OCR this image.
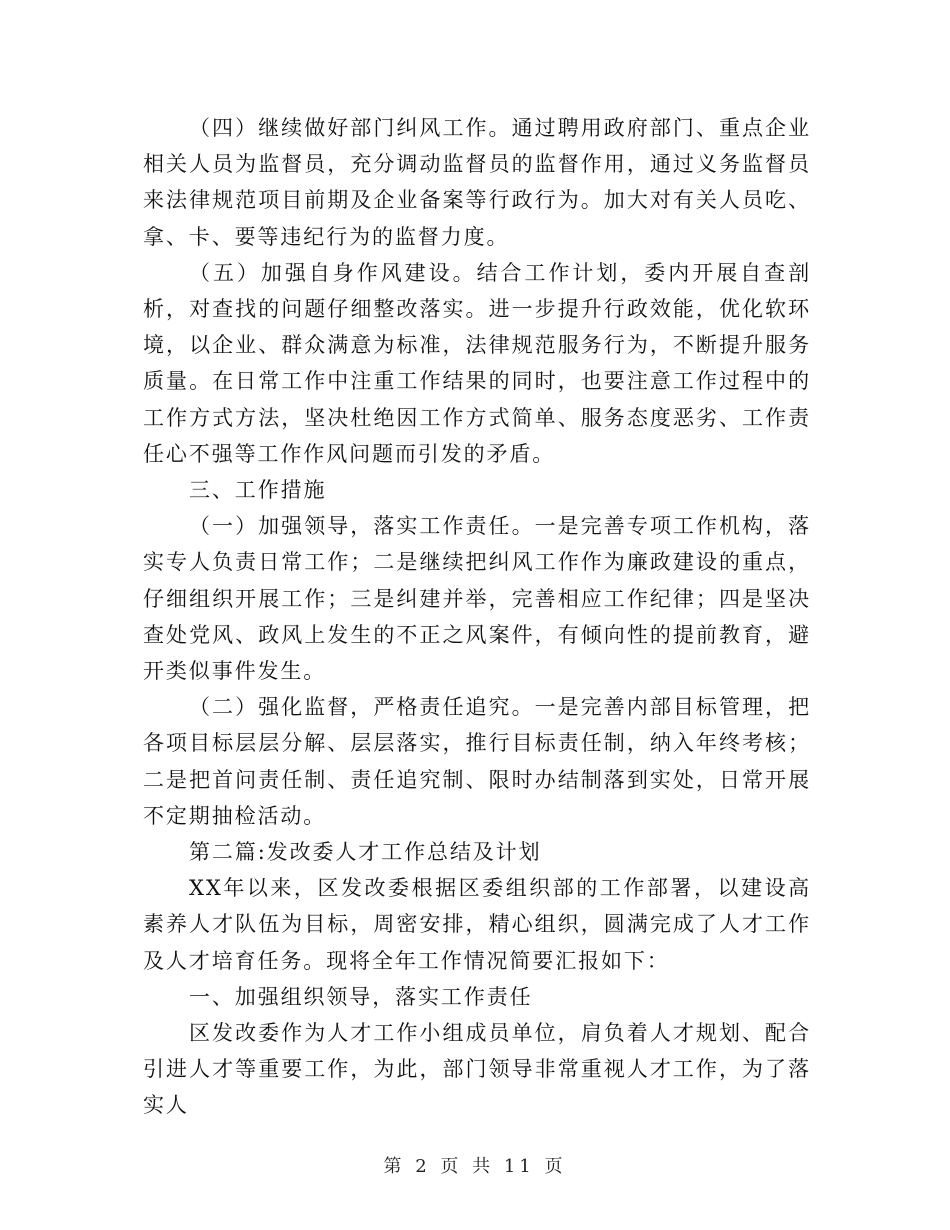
（四）继续做好部门纠风工作。通过聘用政府部门、重点企业相关人员为监督员，充分调动监督员的监督作用，通过义务监督员来法律规范项目前期及企业备案等行政行为。加大对有关人员吃、拿、卡、要等违纪行为的监督力度。

（五）加强自身作风建设。结合工作计划，委内开展自查剖析，对查找的问题仔细整改落实。进一步提升行政效能，优化软环境，以企业、群众满意为标准，法律规范服务行为，不断提升服务质量。在日常工作中注重工作结果的同时，也要注意工作过程中的工作方式方法，坚决杜绝因工作方式简单、服务态度恶劣、工作责任心不强等工作作风问题而引发的矛盾。

三、工作措施

（一）加强领导，落实工作责任。一是完善专项工作机构，落实专人负责日常工作；二是继续把纠风工作作为廉政建设的重点，仔细组织开展工作；三是纠建并举，完善相应工作纪律；四是坚决查处党风、政风上发生的不正之风案件，有倾向性的提前教育，避开类似事件发生。

（二）强化监督，严格责任追究。一是完善内部目标管理，把各项目标层层分解、层层落实，推行目标责任制，纳入年终考核；二是把首问责任制、责任追究制、限时办结制落到实处，日常开展不定期抽检活动。

第二篇:发改委人才工作总结及计划

XX年以来，区发改委根据区委组织部的工作部署，以建设高素养人才队伍为目标，周密安排，精心组织，圆满完成了人才工作及人才培育任务。现将全年工作情况简要汇报如下：

一、加强组织领导，落实工作责任

区发改委作为人才工作小组成员单位，肩负着人才规划、配合引进人才等重要工作，为此，部门领导非常重视人才工作，为了落实人

第 2 页 共 11 页
